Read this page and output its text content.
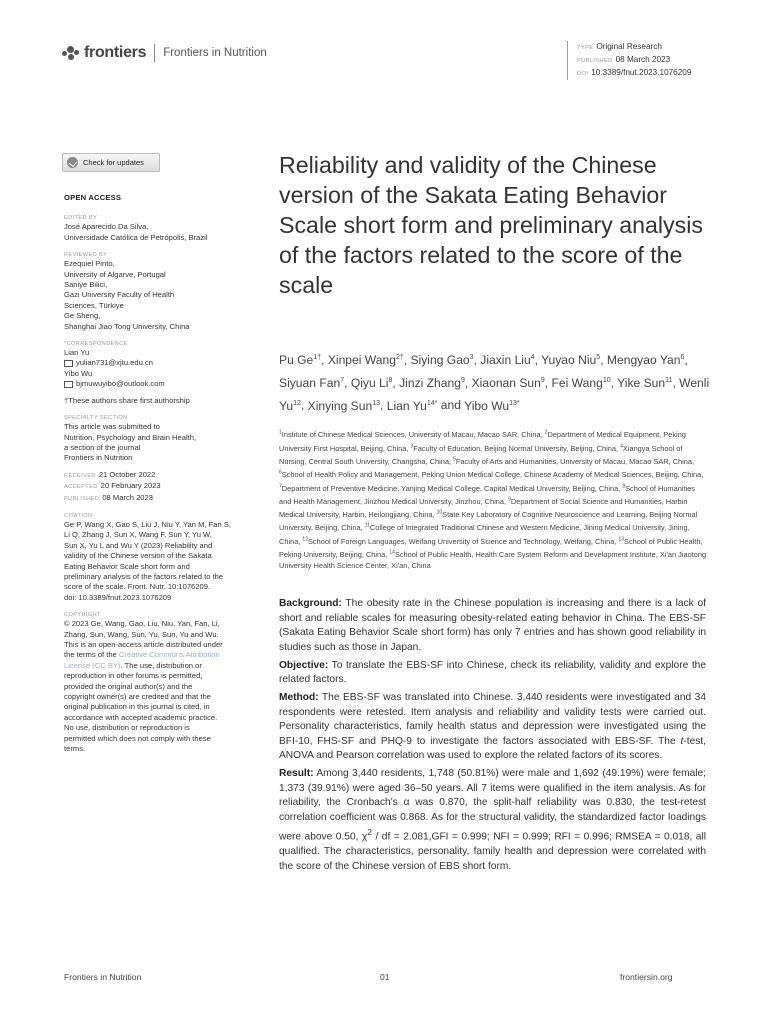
frontiers Frontiers in Nutrition	TYPE Original Research
PUBLISHED 08 March 2023
DOI 10.3389/fnut.2023.1076209
Check for updates
OPEN ACCESS
EDITED BY
José Aparecido Da Silva,
Universidade Católica de Petrópolis, Brazil
REVIEWED BY
Ezequiel Pinto,
University of Algarve, Portugal
Saniye Bilici,
Gazi University Faculty of Health
Sciences, Türkiye
Ge Sheng,
Shanghai Jiao Tong University, China
*CORRESPONDENCE
Lian Yu
yulian731@xjtu.edu.cn
Yibo Wu
bjmuwuyibo@outlook.com
†These authors share first authorship
SPECIALTY SECTION
This article was submitted to
Nutrition, Psychology and Brain Health,
a section of the journal
Frontiers in Nutrition
RECEIVED 21 October 2022
ACCEPTED 20 February 2023
PUBLISHED 08 March 2023
CITATION
Ge P, Wang X, Gao S, Liu J, Niu Y, Yan M, Fan S,
Li Q, Zhang J, Sun X, Wang F, Sun Y, Yu W,
Sun X, Yu L and Wu Y (2023) Reliability and
validity of the Chinese version of the Sakata
Eating Behavior Scale short form and
preliminary analysis of the factors related to the
score of the scale. Front. Nutr. 10:1076209.
doi: 10.3389/fnut.2023.1076209
COPYRIGHT
© 2023 Ge, Wang, Gao, Liu, Niu, Yan, Fan, Li,
Zhang, Sun, Wang, Sun, Yu, Sun, Yu and Wu.
This is an open-access article distributed under
the terms of the Creative Commons Attribution
License (CC BY). The use, distribution or
reproduction in other forums is permitted,
provided the original author(s) and the
copyright owner(s) are credited and that the
original publication in this journal is cited, in
accordance with accepted academic practice.
No use, distribution or reproduction is
permitted which does not comply with these
terms.
Reliability and validity of the Chinese version of the Sakata Eating Behavior Scale short form and preliminary analysis of the factors related to the score of the scale
Pu $Ge^{1\dagger}$, Xinpei Wang$^{2\dagger}$, Siying Gao$^3$, Jiaxin Liu$^4$, Yuyao Niu$^5$, Mengyao Yan$^6$, Siyuan Fan$^7$, Qiyu Li$^8$, Jinzi Zhang$^9$, Xiaonan Sun$^9$, Fei Wang$^{10}$, Yike Sun$^{11}$, Wenli Yu$^{12}$, Xinying Sun$^{13}$, Lian $Yu^{14*}$ and Yibo $Wu^{13*}$
$^1$Institute of Chinese Medical Sciences, University of Macau, Macao SAR, China, $^2$Department of Medical Equipment, Peking University First Hospital, Beijing, China, $^3$Faculty of Education, Beijing Normal University, Beijing, China, $^4$Xiangya School of Nursing, Central South University, Changsha, China, $^5$Faculty of Arts and Humanities, University of Macau, Macao SAR, China, $^6$School of Health Policy and Management, Peking Union Medical College, Chinese Academy of Medical Sciences, Beijing, China, $^7$Department of Preventive Medicine, Yanjing Medical College, Capital Medical University, Beijing, China, $^8$School of Humanities and Health Management, Jinzhou Medical University, Jinzhou, China, $^9$Department of Social Science and Humanities, Harbin Medical University, Harbin, Heilongjiang, China, $^{10}$State Key Laboratory of Cognitive Neuroscience and Learning, Beijing Normal University, Beijing, China, $^{11}$College of Integrated Traditional Chinese and Western Medicine, Jining Medical University, Jining, China, $^{12}$School of Foreign Languages, Weifang University of Science and Technology, Weifang, China, $^{13}$School of Public Health, Peking University, Beijing, China, $^{14}$School of Public Health, Health Care System Reform and Development Institute, Xi'an Jiaotong University Health Science Center, Xi'an, China

Background: The obesity rate in the Chinese population is increasing and there is a lack of short and reliable scales for measuring obesity-related eating behavior in China. The EBS-SF (Sakata Eating Behavior Scale short form) has only 7 entries and has shown good reliability in studies such as those in Japan.

Objective: To translate the EBS-SF into Chinese, check its reliability, validity and explore the related factors.

Method: The EBS-SF was translated into Chinese. 3,440 residents were investigated and 34 respondents were retested. Item analysis and reliability and validity tests were carried out. Personality characteristics, family health status and depression were investigated using the BFI-10, FHS-SF and PHQ-9 to investigate the factors associated with EBS-SF. The t-test, ANOVA and Pearson correlation was used to explore the related factors of its scores.

Result: Among 3,440 residents, 1,748 (50.81%) were male and 1,692 (49.19%) were female; 1,373 (39.91%) were aged 36–50 years. All 7 items were qualified in the item analysis. As for reliability, the Cronbach's α was 0.870, the split-half reliability was 0.830, the test-retest correlation coefficient was 0.868. As for the structural validity, the standardized factor loadings were above 0.50, $\chi^2$ / df = 2.081,GFI = 0.999; NFI = 0.999; RFI = 0.996; RMSEA = 0.018, all qualified. The characteristics, personality, family health and depression were correlated with the score of the Chinese version of EBS short form.

Frontiers in Nutrition	01	frontiersin.org
